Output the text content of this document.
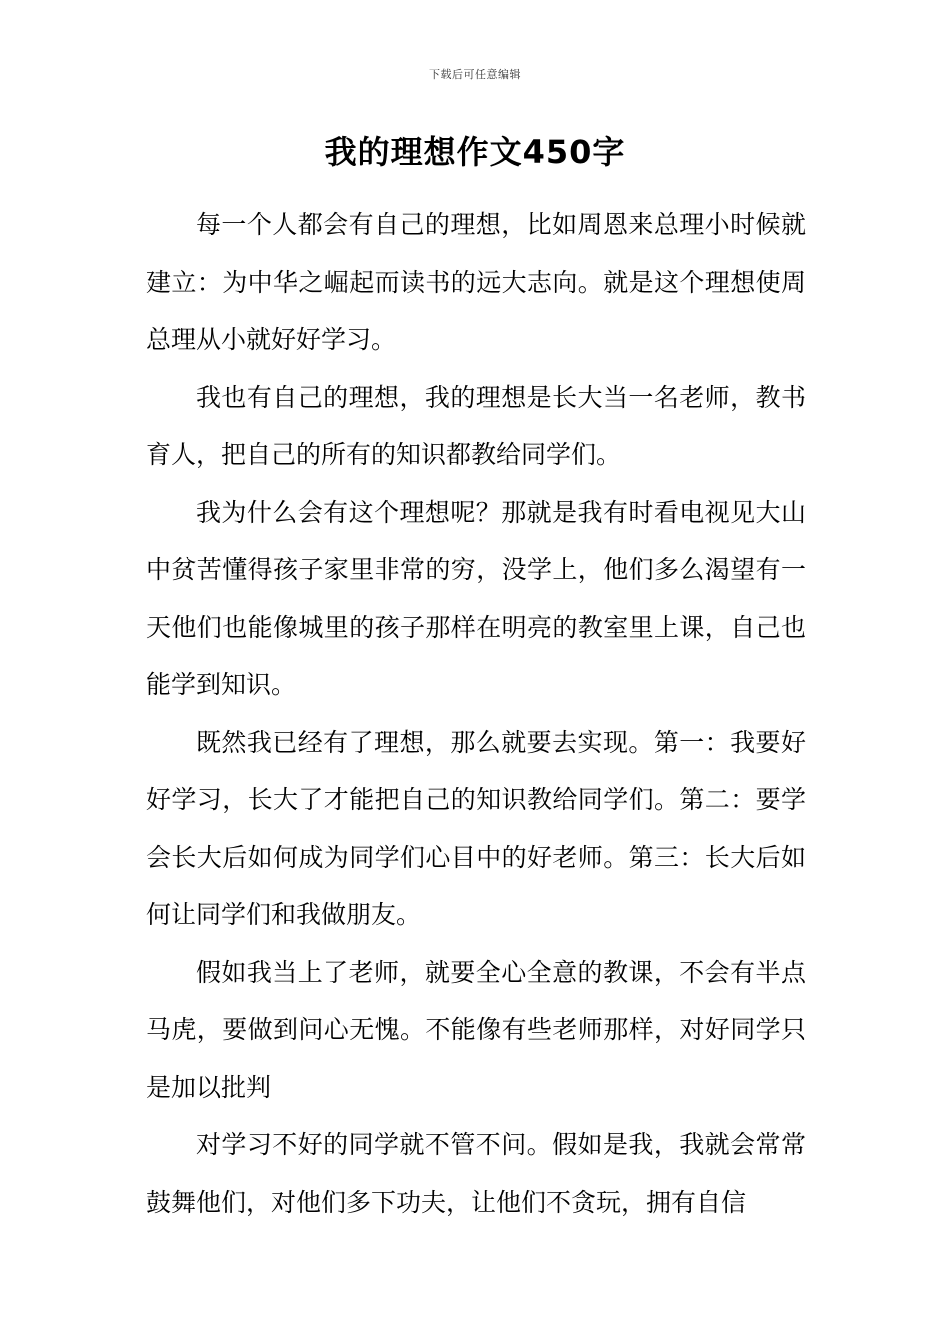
下载后可任意编辑
我的理想作文450字

每一个人都会有自己的理想，比如周恩来总理小时候就建立：为中华之崛起而读书的远大志向。就是这个理想使周总理从小就好好学习。

我也有自己的理想，我的理想是长大当一名老师，教书育人，把自己的所有的知识都教给同学们。

我为什么会有这个理想呢？那就是我有时看电视见大山中贫苦懂得孩子家里非常的穷，没学上，他们多么渴望有一天他们也能像城里的孩子那样在明亮的教室里上课，自己也能学到知识。

既然我已经有了理想，那么就要去实现。第一：我要好好学习，长大了才能把自己的知识教给同学们。第二：要学会长大后如何成为同学们心目中的好老师。第三：长大后如何让同学们和我做朋友。

假如我当上了老师，就要全心全意的教课，不会有半点马虎，要做到问心无愧。不能像有些老师那样，对好同学只是加以批判

对学习不好的同学就不管不问。假如是我，我就会常常鼓舞他们，对他们多下功夫，让他们不贪玩，拥有自信
